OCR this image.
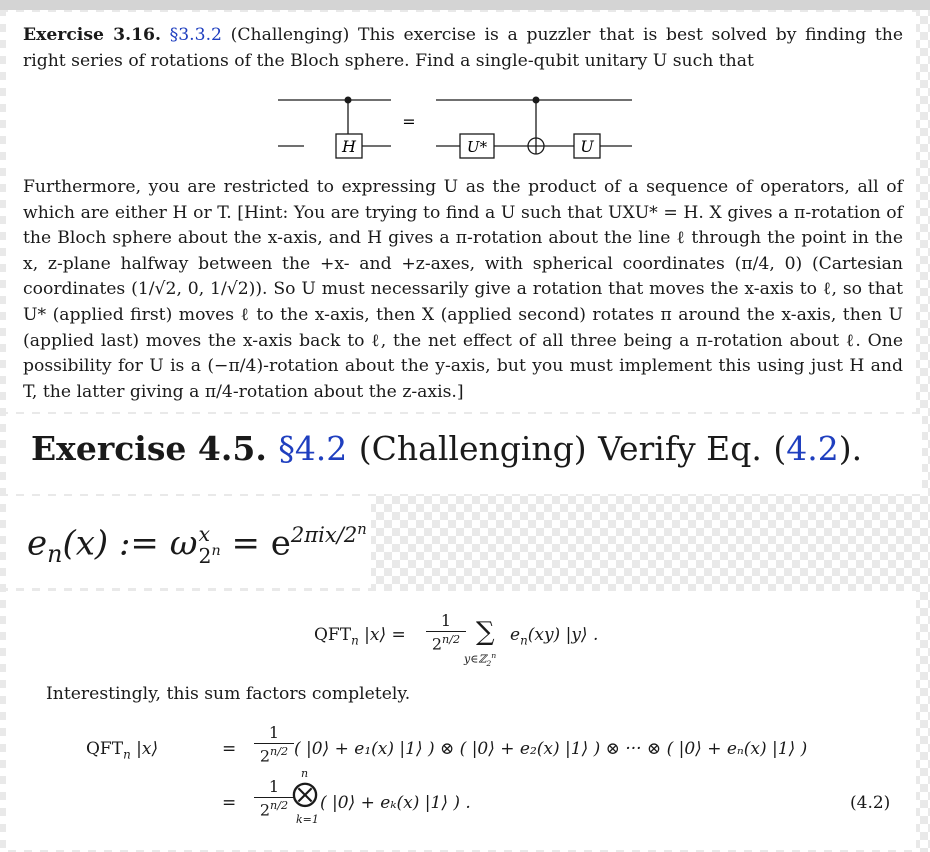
Exercise 3.16. §3.3.2 (Challenging) This exercise is a puzzler that is best solved by finding the right series of rotations of the Bloch sphere. Find a single-qubit unitary U such that
H
=
U*	U
Furthermore, you are restricted to expressing U as the product of a sequence of operators, all of which are either H or T. [Hint: You are trying to find a U such that UXU* = H. X gives a π-rotation of the Bloch sphere about the x-axis, and H gives a π-rotation about the line ℓ through the point in the x, z-plane halfway between the +x- and +z-axes, with spherical coordinates (π/4, 0) (Cartesian coordinates (1/√2, 0, 1/√2)). So U must necessarily give a rotation that moves the x-axis to ℓ, so that U* (applied first) moves ℓ to the x-axis, then X (applied second) rotates π around the x-axis, then U (applied last) moves the x-axis back to ℓ, the net effect of all three being a π-rotation about ℓ. One possibility for U is a (−π/4)-rotation about the y-axis, but you must implement this using just H and T, the latter giving a π/4-rotation about the z-axis.]
Exercise 4.5. §4.2 (Challenging) Verify Eq. (4.2).
$e_n(x)$ := ω x
$2^n = e^{2\pi ix/2^n}$
$QFT_n$ |x⟩ =
1
$2^{n/2}$ ∑
y∈ℤ$_2^n$
$e_n(xy)$ |y⟩ .
Interestingly, this sum factors completely.
$QFT_n$ |x⟩	=
1
$2^{n/2}$ ( |0⟩ + e₁(x) |1⟩ ) ⊗ ( |0⟩ + e₂(x) |1⟩ ) ⊗ ··· ⊗ ( |0⟩ + eₙ(x) |1⟩ )
=
1
$2^{n/2}$
n
⨂
k=1
( |0⟩ + eₖ(x) |1⟩ ) .	(4.2)
